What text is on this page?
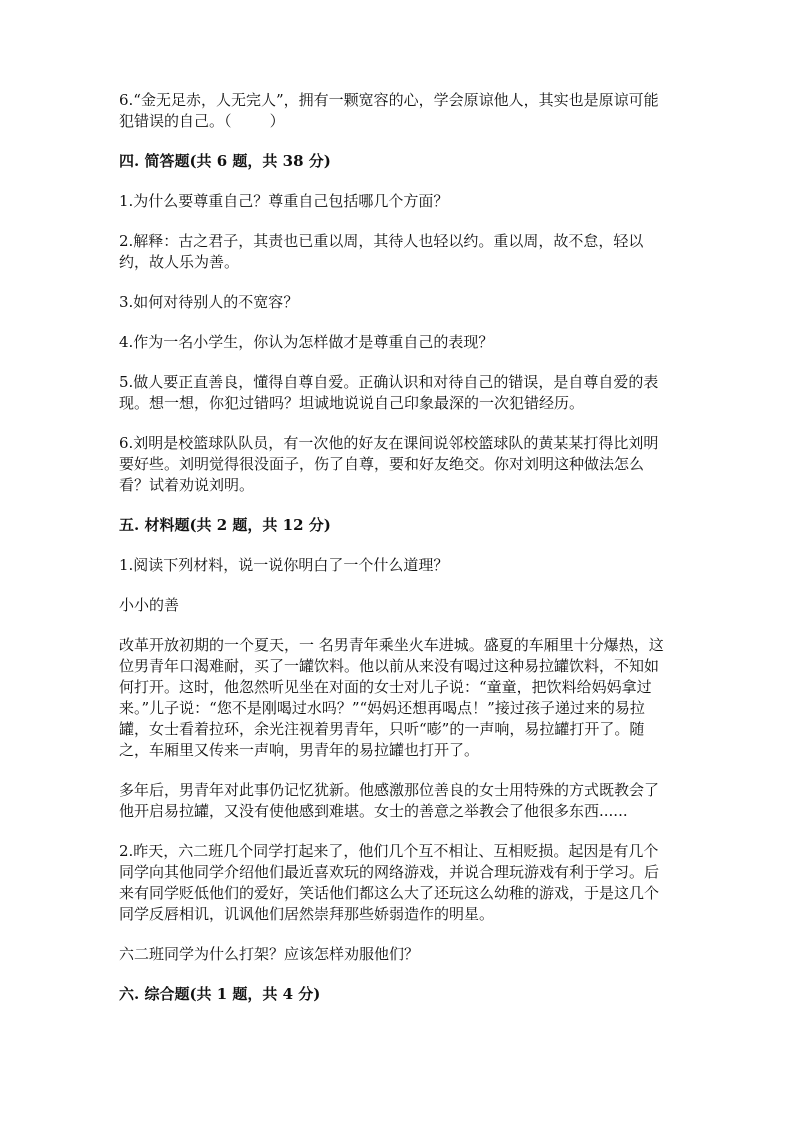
6.“金无足赤，人无完人”，拥有一颗宽容的心，学会原谅他人，其实也是原谅可能犯错误的自己。（        ）

四. 简答题(共 6 题，共 38 分)

1.为什么要尊重自己？尊重自己包括哪几个方面？

2.解释：古之君子，其责也已重以周，其待人也轻以约。重以周，故不怠，轻以约，故人乐为善。

3.如何对待别人的不宽容？

4.作为一名小学生，你认为怎样做才是尊重自己的表现？

5.做人要正直善良，懂得自尊自爱。正确认识和对待自己的错误，是自尊自爱的表现。想一想，你犯过错吗？坦诚地说说自己印象最深的一次犯错经历。

6.刘明是校篮球队队员，有一次他的好友在课间说邻校篮球队的黄某某打得比刘明要好些。刘明觉得很没面子，伤了自尊，要和好友绝交。你对刘明这种做法怎么看？试着劝说刘明。

五. 材料题(共 2 题，共 12 分)

1.阅读下列材料，说一说你明白了一个什么道理？

小小的善

改革开放初期的一个夏天，一 名男青年乘坐火车进城。盛夏的车厢里十分爆热，这位男青年口渴难耐，买了一罐饮料。他以前从来没有喝过这种易拉罐饮料，不知如何打开。这时，他忽然听见坐在对面的女士对儿子说：“童童，把饮料给妈妈拿过来。”儿子说：“您不是刚喝过水吗？”“妈妈还想再喝点！”接过孩子递过来的易拉罐，女士看着拉环，余光注视着男青年，只听“嘭”的一声响，易拉罐打开了。随之，车厢里又传来一声响，男青年的易拉罐也打开了。

多年后，男青年对此事仍记忆犹新。他感激那位善良的女士用特殊的方式既教会了他开启易拉罐，又没有使他感到难堪。女士的善意之举教会了他很多东西......

2.昨天，六二班几个同学打起来了，他们几个互不相让、互相贬损。起因是有几个同学向其他同学介绍他们最近喜欢玩的网络游戏，并说合理玩游戏有利于学习。后来有同学贬低他们的爱好，笑话他们都这么大了还玩这么幼稚的游戏，于是这几个同学反唇相讥，讥讽他们居然崇拜那些娇弱造作的明星。

六二班同学为什么打架？应该怎样劝服他们？

六. 综合题(共 1 题，共 4 分)
